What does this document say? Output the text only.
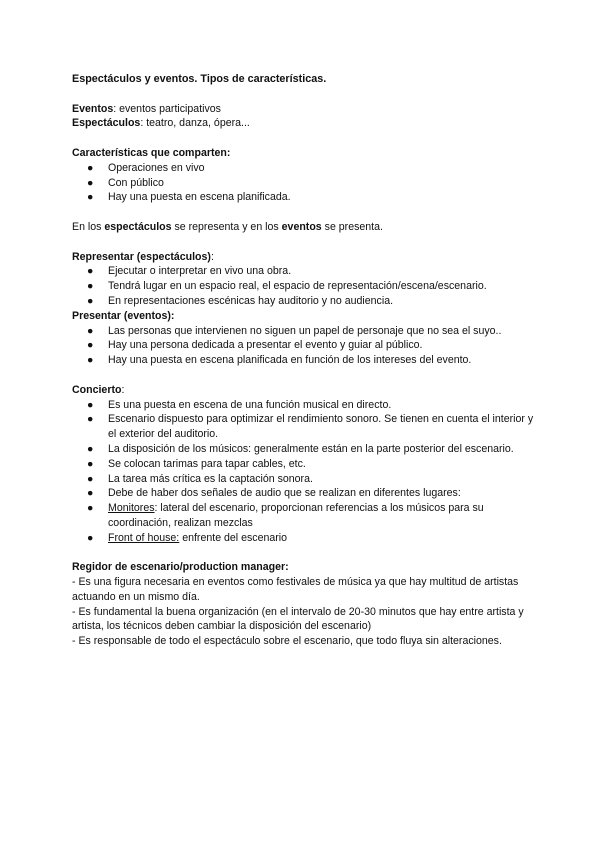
Espectáculos y eventos. Tipos de características.

Eventos: eventos participativos

Espectáculos: teatro, danza, ópera...

Características que comparten:

● Operaciones en vivo
● Con público
● Hay una puesta en escena planificada.

En los espectáculos se representa y en los eventos se presenta.

Representar (espectáculos):

● Ejecutar o interpretar en vivo una obra.
● Tendrá lugar en un espacio real, el espacio de representación/escena/escenario.
● En representaciones escénicas hay auditorio y no audiencia.

Presentar (eventos):

● Las personas que intervienen no siguen un papel de personaje que no sea el suyo..
● Hay una persona dedicada a presentar el evento y guiar al público.
● Hay una puesta en escena planificada en función de los intereses del evento.

Concierto:

● Es una puesta en escena de una función musical en directo.
● Escenario dispuesto para optimizar el rendimiento sonoro. Se tienen en cuenta el interior y el exterior del auditorio.
● La disposición de los músicos: generalmente están en la parte posterior del escenario.
● Se colocan tarimas para tapar cables, etc.
● La tarea más crítica es la captación sonora.
● Debe de haber dos señales de audio que se realizan en diferentes lugares:
● Monitores: lateral del escenario, proporcionan referencias a los músicos para su coordinación, realizan mezclas
● Front of house: enfrente del escenario

Regidor de escenario/production manager:

- Es una figura necesaria en eventos como festivales de música ya que hay multitud de artistas actuando en un mismo día.

- Es fundamental la buena organización (en el intervalo de 20-30 minutos que hay entre artista y artista, los técnicos deben cambiar la disposición del escenario)

- Es responsable de todo el espectáculo sobre el escenario, que todo fluya sin alteraciones.
